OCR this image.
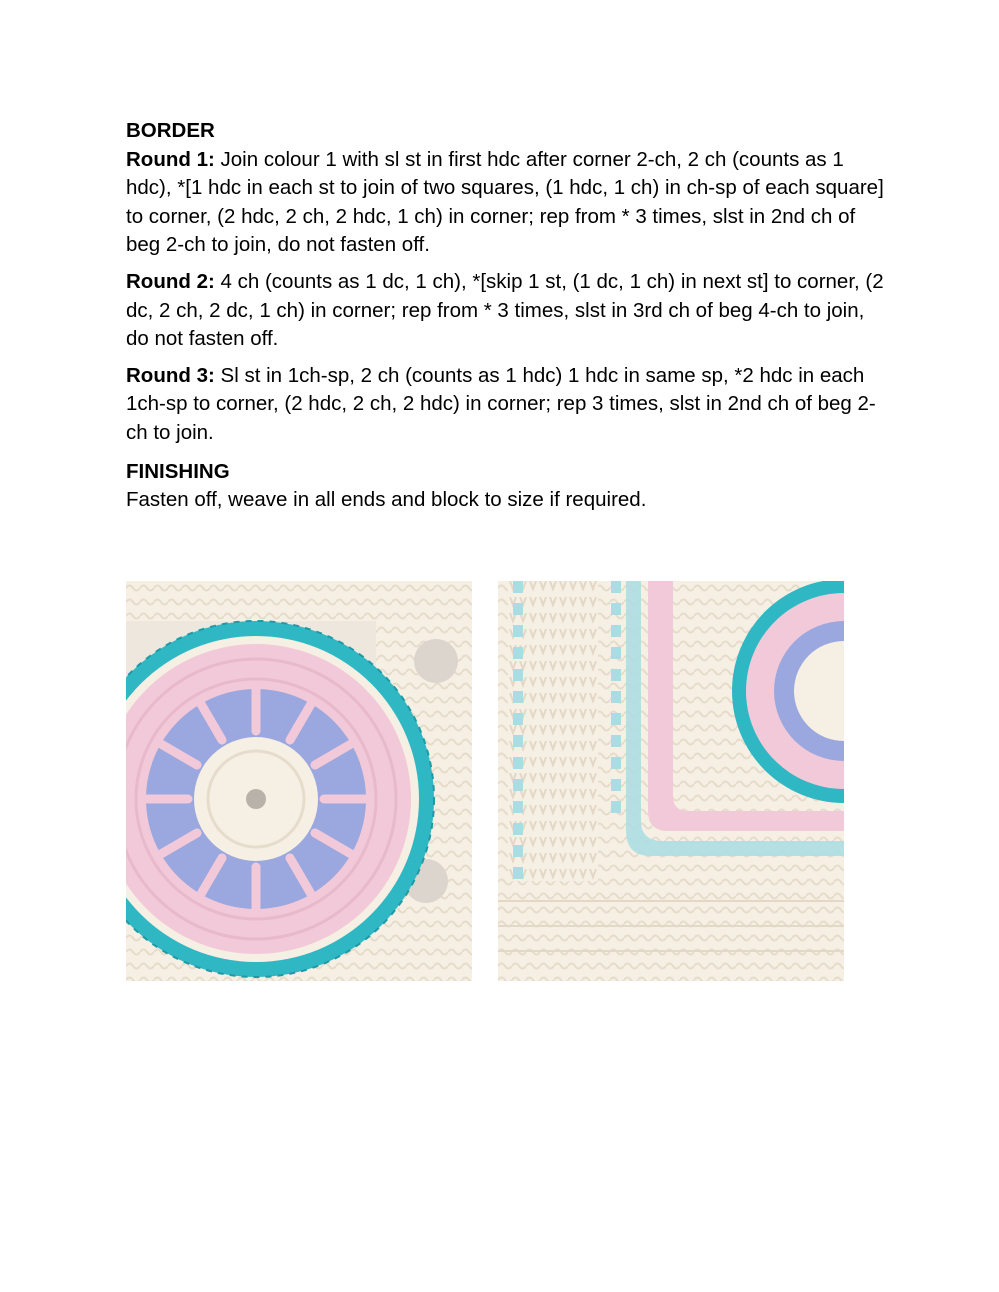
BORDER

Round 1: Join colour 1 with sl st in first hdc after corner 2-ch, 2 ch (counts as 1 hdc), *[1 hdc in each st to join of two squares, (1 hdc, 1 ch) in ch-sp of each square] to corner, (2 hdc, 2 ch, 2 hdc, 1 ch) in corner; rep from * 3 times, slst in 2nd ch of beg 2-ch to join, do not fasten off.

Round 2: 4 ch (counts as 1 dc, 1 ch), *[skip 1 st, (1 dc, 1 ch) in next st] to corner, (2 dc, 2 ch, 2 dc, 1 ch) in corner; rep from * 3 times, slst in 3rd ch of beg 4-ch to join, do not fasten off.

Round 3: Sl st in 1ch-sp, 2 ch (counts as 1 hdc) 1 hdc in same sp, *2 hdc in each 1ch-sp to corner, (2 hdc, 2 ch, 2 hdc) in corner; rep 3 times, slst in 2nd ch of beg 2-ch to join.

FINISHING

Fasten off, weave in all ends and block to size if required.
